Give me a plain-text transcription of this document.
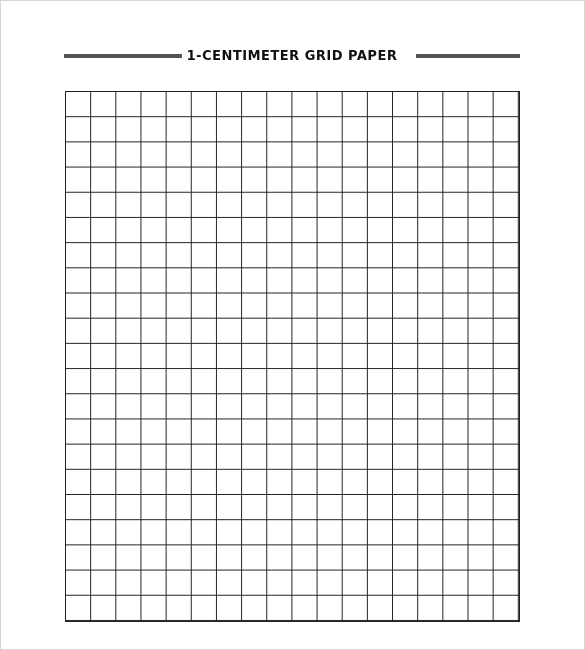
1-CENTIMETER GRID PAPER
